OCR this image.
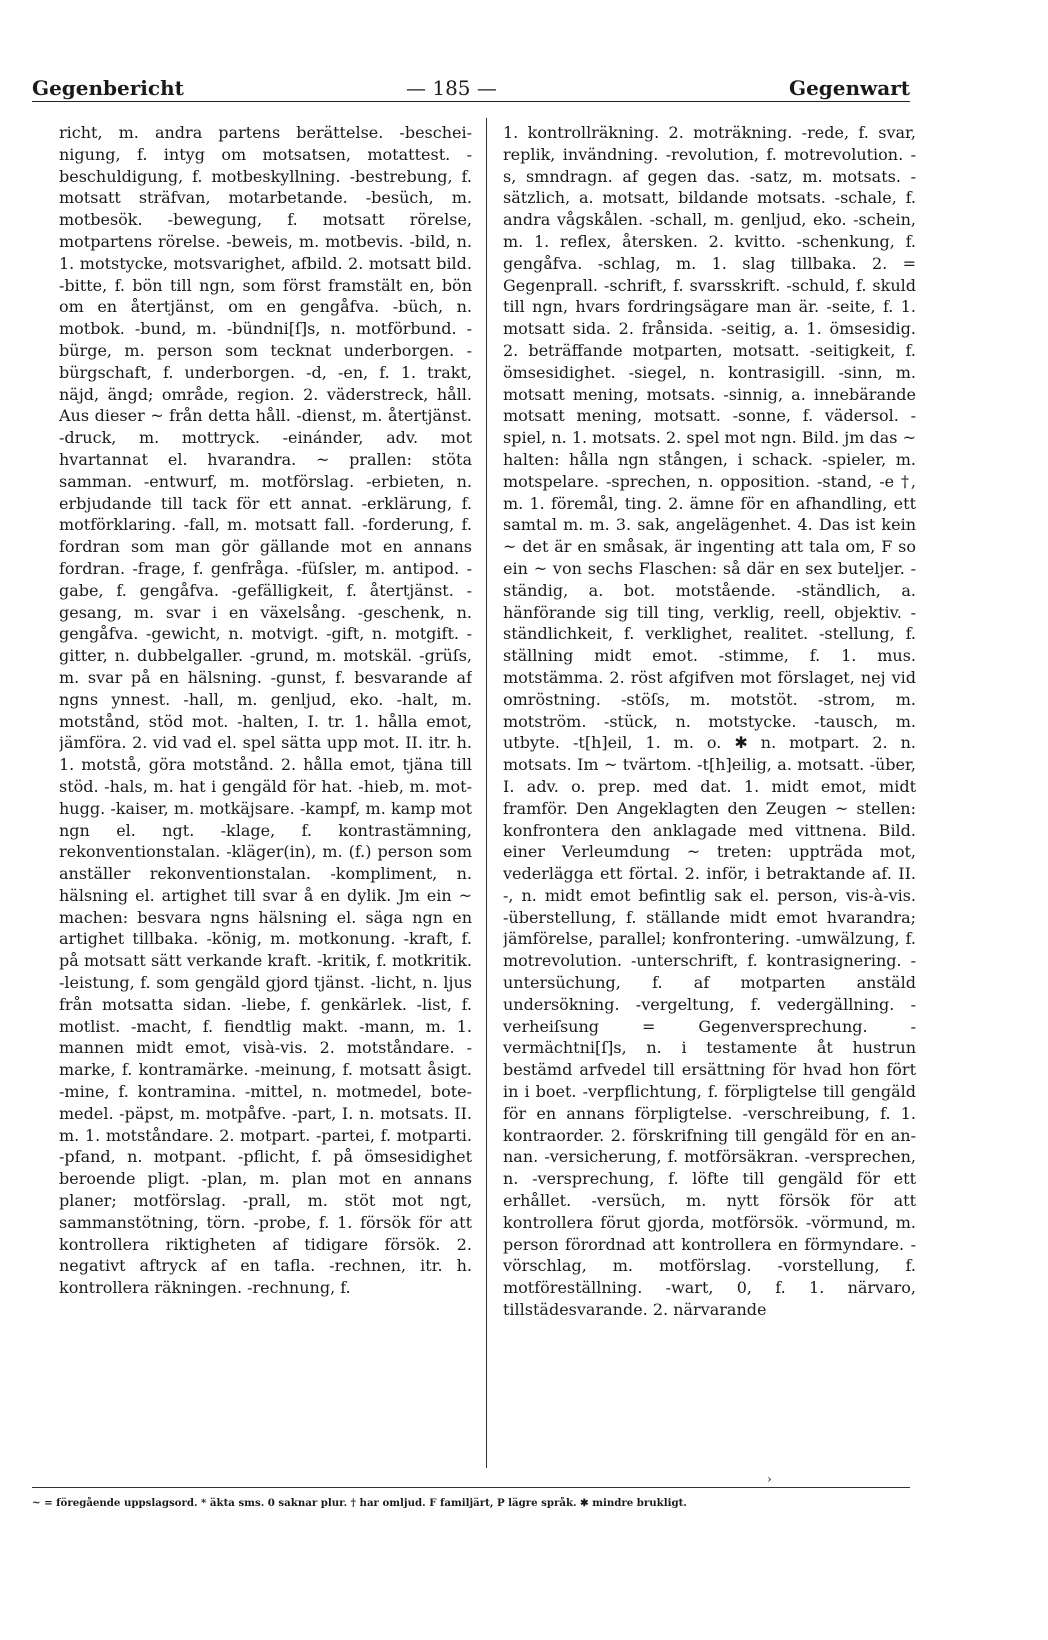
Gegenbericht	— 185 —	Gegenwart
richt, m. andra partens berättelse. -bescheinigung, f. intyg om motsatsen, motattest. -beschuldigung, f. motbeskyllning. -bestrebung, f. motsatt sträfvan, motarbetande. -besüch, m. motbesök. -bewegung, f. motsatt rörelse, motpartens rörelse. -beweis, m. motbevis. -bild, n. 1. motstycke, motsvarighet, afbild. 2. motsatt bild. -bitte, f. bön till ngn, som först framstält en, bön om en återtjänst, om en gengåfva. -büch, n. motbok. -bund, m. -bündni[ſ]s, n. motförbund. -bürge, m. person som tecknat underborgen. -bürgschaft, f. underborgen. -d, -en, f. 1. trakt, näjd, ängd; område, region. 2. väderstreck, håll. Aus dieser ~ från detta håll. -dienst, m. återtjänst. -druck, m. mottryck. -einánder, adv. mot hvartannat el. hvarandra. ~ prallen: stöta samman. -entwurf, m. motförslag. -erbieten, n. erbjudande till tack för ett annat. -erklärung, f. motförklaring. -fall, m. motsatt fall. -forderung, f. fordran som man gör gällande mot en annans fordran. -frage, f. genfråga. -füſsler, m. antipod. -gabe, f. gengåfva. -gefälligkeit, f. återtjänst. -gesang, m. svar i en växelsång. -geschenk, n. gengåfva. -gewicht, n. motvigt. -gift, n. motgift. -gitter, n. dubbelgaller. -grund, m. motskäl. -grüſs, m. svar på en hälsning. -gunst, f. besvarande af ngns ynnest. -hall, m. genljud, eko. -halt, m. motstånd, stöd mot. -halten, I. tr. 1. hålla emot, jämföra. 2. vid vad el. spel sätta upp mot. II. itr. h. 1. motstå, göra motstånd. 2. hålla emot, tjäna till stöd. -hals, m. hat i gengäld för hat. -hieb, m. mothugg. -kaiser, m. motkäjsare. -kampf, m. kamp mot ngn el. ngt. -klage, f. kontrastämning, rekonventionstalan. -kläger(in), m. (f.) person som anställer rekonventionstalan. -kompliment, n. hälsning el. artighet till svar å en dylik. Jm ein ~ machen: besvara ngns hälsning el. säga ngn en artighet tillbaka. -könig, m. motkonung. -kraft, f. på motsatt sätt verkande kraft. -kritik, f. motkritik. -leistung, f. som gengäld gjord tjänst. -licht, n. ljus från motsatta sidan. -liebe, f. genkärlek. -list, f. motlist. -macht, f. fiendtlig makt. -mann, m. 1. mannen midt emot, visà-vis. 2. motståndare. -marke, f. kontramärke. -meinung, f. motsatt åsigt. -mine, f. kontramina. -mittel, n. motmedel, botemedel. -päpst, m. motpåfve. -part, I. n. motsats. II. m. 1. motståndare. 2. motpart. -partei, f. motparti. -pfand, n. motpant. -pflicht, f. på ömsesidighet beroende pligt. -plan, m. plan mot en annans planer; motförslag. -prall, m. stöt mot ngt, sammanstötning, törn. -probe, f. 1. försök för att kontrollera riktigheten af tidigare försök. 2. negativt aftryck af en tafla. -rechnen, itr. h. kontrollera räkningen. -rechnung, f.
1. kontrollräkning. 2. moträkning. -rede, f. svar, replik, invändning. -revolution, f. motrevolution. -s, smndragn. af gegen das. -satz, m. motsats. -sätzlich, a. motsatt, bildande motsats. -schale, f. andra vågskålen. -schall, m. genljud, eko. -schein, m. 1. reflex, återsken. 2. kvitto. -schenkung, f. gengåfva. -schlag, m. 1. slag tillbaka. 2. = Gegenprall. -schrift, f. svarsskrift. -schuld, f. skuld till ngn, hvars fordringsägare man är. -seite, f. 1. motsatt sida. 2. frånsida. -seitig, a. 1. ömsesidig. 2. beträffande motparten, motsatt. -seitigkeit, f. ömsesidighet. -siegel, n. kontrasigill. -sinn, m. motsatt mening, motsats. -sinnig, a. innebärande motsatt mening, motsatt. -sonne, f. vädersol. -spiel, n. 1. motsats. 2. spel mot ngn. Bild. jm das ~ halten: hålla ngn stången, i schack. -spieler, m. motspelare. -sprechen, n. opposition. -stand, -e †, m. 1. föremål, ting. 2. ämne för en afhandling, ett samtal m. m. 3. sak, angelägenhet. 4. Das ist kein ~ det är en småsak, är ingenting att tala om, F so ein ~ von sechs Flaschen: så där en sex buteljer. -ständig, a. bot. motstående. -ständlich, a. hänförande sig till ting, verklig, reell, objektiv. -ständlichkeit, f. verklighet, realitet. -stellung, f. ställning midt emot. -stimme, f. 1. mus. motstämma. 2. röst afgifven mot förslaget, nej vid omröstning. -stöſs, m. motstöt. -strom, m. motström. -stück, n. motstycke. -tausch, m. utbyte. -t[h]eil, 1. m. o. ✱ n. motpart. 2. n. motsats. Im ~ tvärtom. -t[h]eilig, a. motsatt. -über, I. adv. o. prep. med dat. 1. midt emot, midt framför. Den Angeklagten den Zeugen ~ stellen: konfrontera den anklagade med vittnena. Bild. einer Verleumdung ~ treten: uppträda mot, vederlägga ett förtal. 2. inför, i betraktande af. II. -, n. midt emot befintlig sak el. person, vis-à-vis. -überstellung, f. ställande midt emot hvarandra; jämförelse, parallel; konfrontering. -umwälzung, f. motrevolution. -unterschrift, f. kontrasignering. -untersüchung, f. af motparten anstäld undersökning. -vergeltung, f. vedergällning. -verheiſsung = Gegenversprechung. -vermächtni[ſ]s, n. i testamente åt hustrun bestämd arfvedel till ersättning för hvad hon fört in i boet. -verpflichtung, f. förpligtelse till gengäld för en annans förpligtelse. -verschreibung, f. 1. kontraorder. 2. förskrifning till gengäld för en annan. -versicherung, f. motförsäkran. -versprechen, n. -versprechung, f. löfte till gengäld för ett erhållet. -versüch, m. nytt försök för att kontrollera förut gjorda, motförsök. -vörmund, m. person förordnad att kontrollera en förmyndare. -vörschlag, m. motförslag. -vorstellung, f. motföreställning. -wart, 0, f. 1. närvaro, tillstädesvarande. 2. närvarande
›
~ = föregående uppslagsord. * äkta sms. 0 saknar plur. † har omljud. F familjärt, P lägre språk. ✱ mindre brukligt.
